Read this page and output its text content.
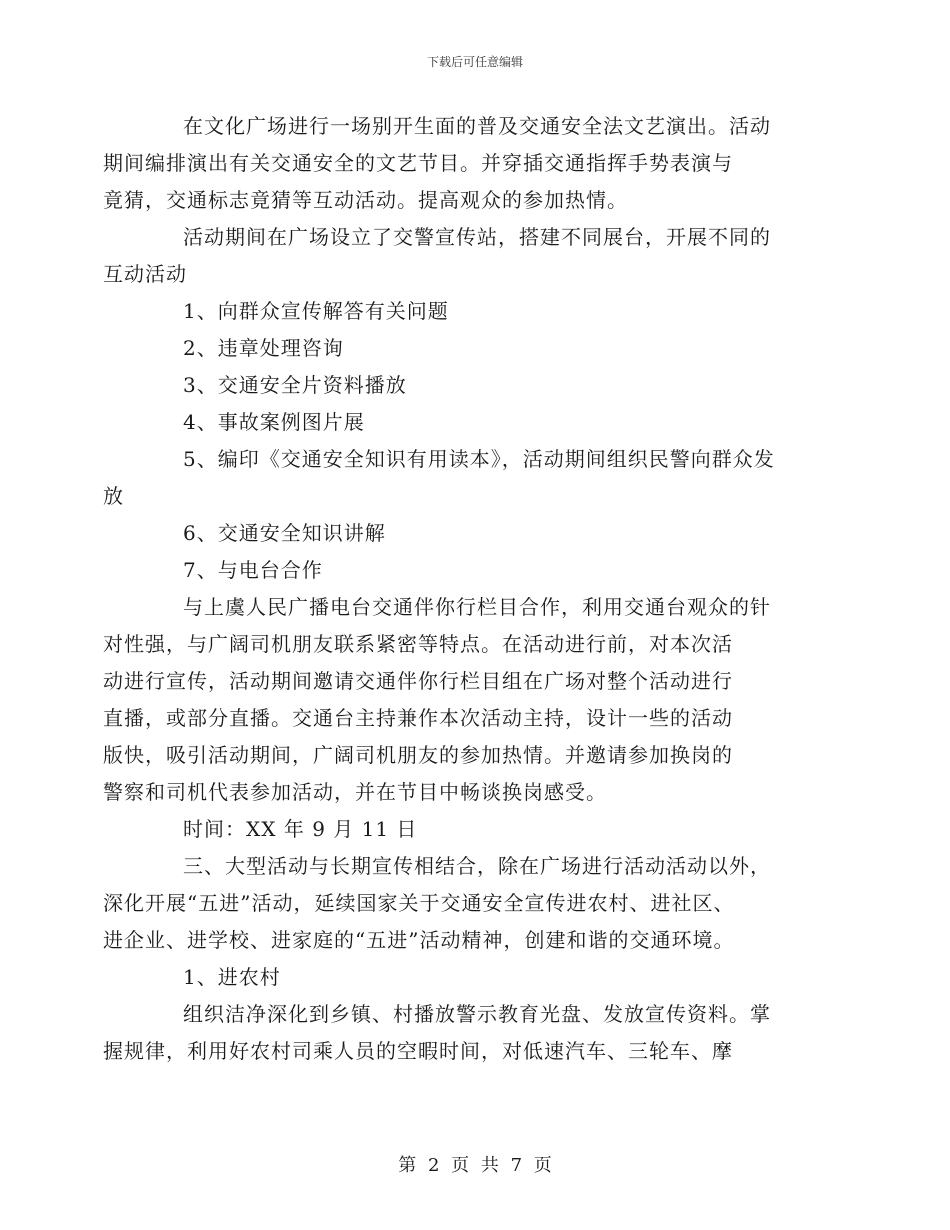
下载后可任意编辑

在文化广场进行一场别开生面的普及交通安全法文艺演出。活动
期间编排演出有关交通安全的文艺节目。并穿插交通指挥手势表演与
竟猜，交通标志竟猜等互动活动。提高观众的参加热情。

活动期间在广场设立了交警宣传站，搭建不同展台，开展不同的
互动活动

1、向群众宣传解答有关问题

2、违章处理咨询

3、交通安全片资料播放

4、事故案例图片展

5、编印《交通安全知识有用读本》，活动期间组织民警向群众发
放

6、交通安全知识讲解

7、与电台合作

与上虞人民广播电台交通伴你行栏目合作，利用交通台观众的针
对性强，与广阔司机朋友联系紧密等特点。在活动进行前，对本次活
动进行宣传，活动期间邀请交通伴你行栏目组在广场对整个活动进行
直播，或部分直播。交通台主持兼作本次活动主持，设计一些的活动
版快，吸引活动期间，广阔司机朋友的参加热情。并邀请参加换岗的
警察和司机代表参加活动，并在节目中畅谈换岗感受。

时间：XX 年 9 月 11 日

三、大型活动与长期宣传相结合，除在广场进行活动活动以外，
深化开展“五进”活动，延续国家关于交通安全宣传进农村、进社区、
进企业、进学校、进家庭的“五进”活动精神，创建和谐的交通环境。

1、进农村

组织洁净深化到乡镇、村播放警示教育光盘、发放宣传资料。掌
握规律，利用好农村司乘人员的空暇时间，对低速汽车、三轮车、摩

第 2 页 共 7 页
